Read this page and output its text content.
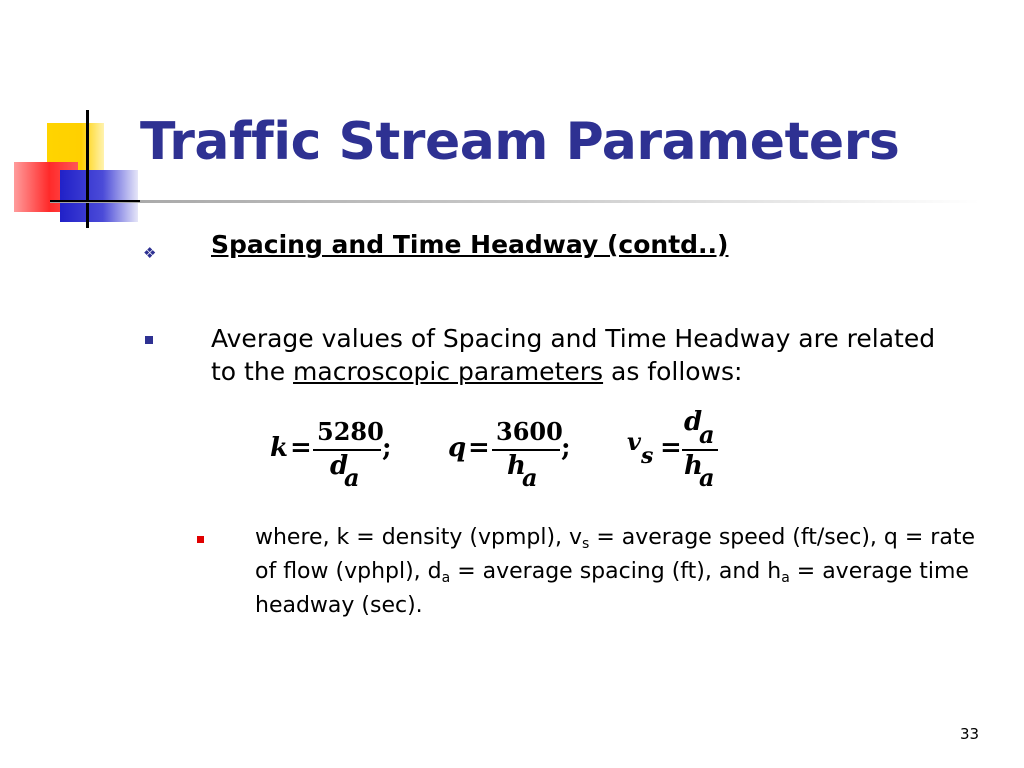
Traffic Stream Parameters
❖ Spacing and Time Headway (contd..)
Average values of Spacing and Time Headway are related to the macroscopic parameters as follows:
k =
5280
d
a
; q =
3600
h
a
; v s =
d
a
h
a
where, k = density (vpmpl), $v_s$ = average speed (ft/sec), q = rate of flow (vphpl), $d_a$ = average spacing (ft), and $h_a$ = average time headway (sec).
33
